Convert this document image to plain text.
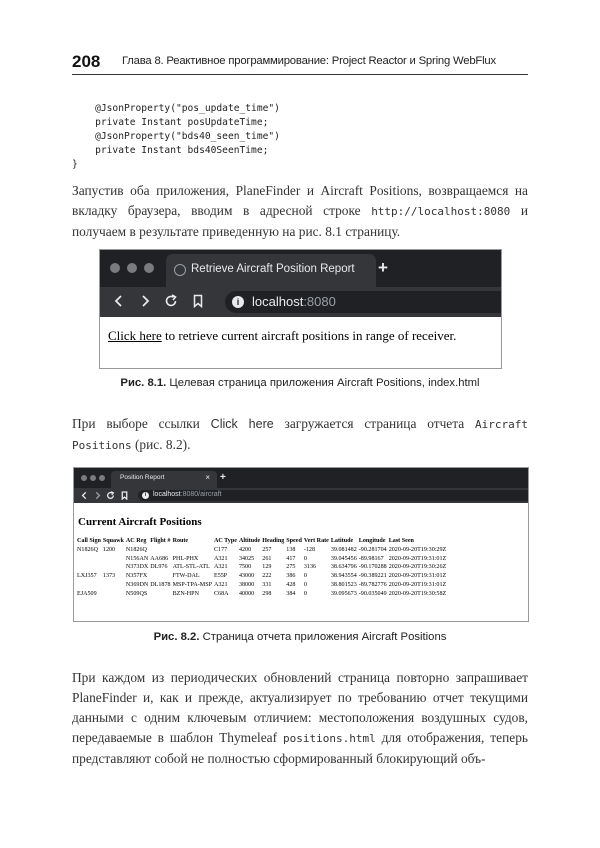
208 Глава 8. Реактивное программирование: Project Reactor и Spring WebFlux
@JsonProperty("pos_update_time")
private Instant posUpdateTime;
@JsonProperty("bds40_seen_time")
private Instant bds40SeenTime;
}

Запустив оба приложения, PlaneFinder и Aircraft Positions, возвращаемся на вкладку браузера, вводим в адресной строке http://localhost:8080 и получаем в результате приведенную на рис. 8.1 страницу.

Retrieve Aircraft Position Report +
i localhost:8080
Click here to retrieve current aircraft positions in range of receiver.
Рис. 8.1. Целевая страница приложения Aircraft Positions, index.html

При выборе ссылки Click here загружается страница отчета Aircraft Positions (рис. 8.2).

Position Report	× +
i localhost:8080/aircraft
Current Aircraft Positions
Call Sign	Squawk	AC Reg	Flight #	Route	AC Type	Altitude	Heading	Speed	Vert Rate	Latitude	Longitude	Last Seen
N1826Q	1200	N1826Q			C177	4200	257	138	-128	39.081482	-90.281704	2020-09-20T19:30:29Z
		N156AN	AA686	PHL-PHX	A321	34025	261	417	0	39.045456	-89.98167	2020-09-20T19:31:01Z
		N373DX	DL976	ATL-STL-ATL	A321	7500	129	275	3136	38.634796	-90.170288	2020-09-20T19:30:26Z
LXJ357	1373	N357FX		FTW-DAL	E55P	43000	222	386	0	38.943554	-90.389221	2020-09-20T19:31:01Z
		N369DN	DL1878	MSP-TPA-MSP	A321	38000	331	428	0	38.801523	-89.782776	2020-09-20T19:31:01Z
EJA509		N509QS		BZN-HPN	C68A	40000	298	384	0	39.095673	-90.035049	2020-09-20T19:30:58Z
Рис. 8.2. Страница отчета приложения Aircraft Positions

При каждом из периодических обновлений страница повторно запрашивает PlaneFinder и, как и прежде, актуализирует по требованию отчет текущими данными с одним ключевым отличием: местоположения воздушных судов, передаваемые в шаблон Thymeleaf positions.html для отображения, теперь представляют собой не полностью сформированный блокирующий объ-
